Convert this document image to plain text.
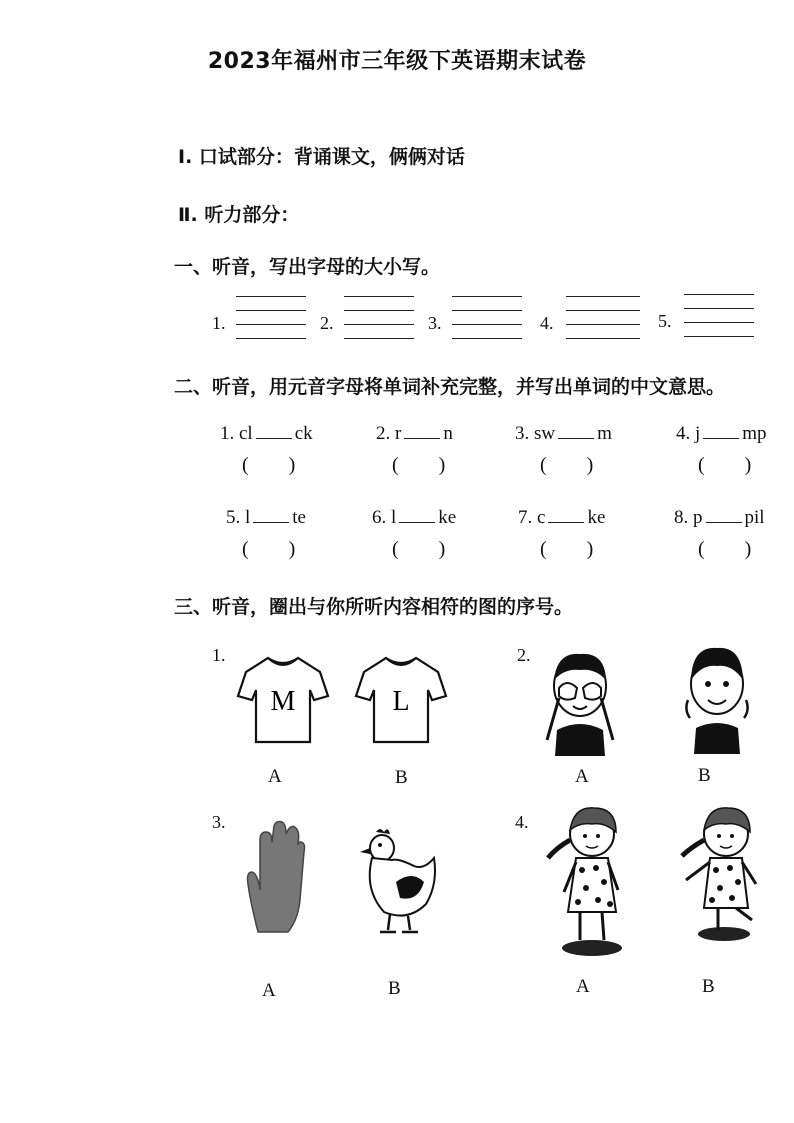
2023年福州市三年级下英语期末试卷
Ⅰ. 口试部分：背诵课文，俩俩对话
Ⅱ. 听力部分：
一、听音，写出字母的大小写。
1.	2.	3.	4.	5.
二、听音，用元音字母将单词补充完整，并写出单词的中文意思。
1. cl ck	2. r n	3. sw m	4. j mp
(        )	(        )	(        )	(        )
5. l te	6. l ke	7. c ke	8. p pil
(        )	(        )	(        )	(        )
三、听音，圈出与你所听内容相符的图的序号。
1.
M	L
A	B
2.
A	B
3.
A	B
4.
A	B
